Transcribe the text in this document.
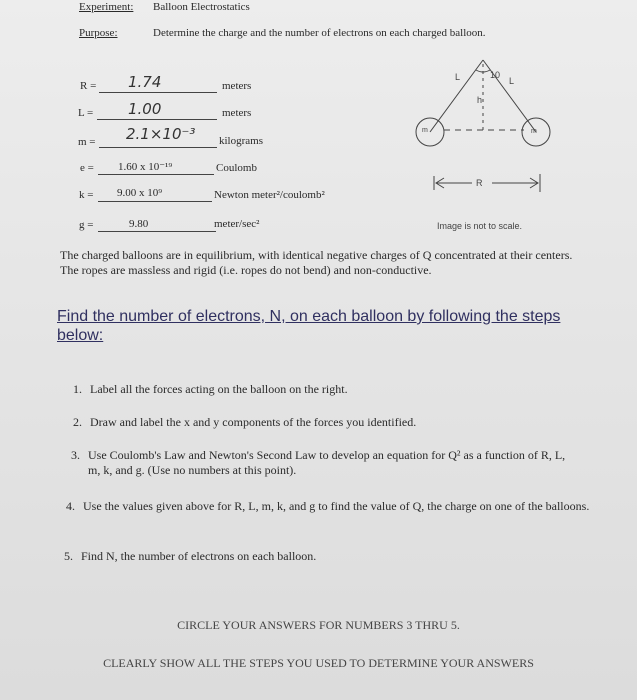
Experiment: Balloon Electrostatics
Purpose:	Determine the charge and the number of electrons on each charged balloon.
R = 1.74	meters
L = 1.00	meters
m = 2.1×10⁻³ kilograms
e = 1.60 x 10⁻¹⁹	Coulomb
k = 9.00 x 10⁹	Newton meter²/coulomb²
g =	9.80	meter/sec²
L	L
10
h
m	m
R
Image is not to scale.
The charged balloons are in equilibrium, with identical negative charges of Q concentrated at their centers. The ropes are massless and rigid (i.e. ropes do not bend) and non-conductive.
Find the number of electrons, N, on each balloon by following the steps below:
1. Label all the forces acting on the balloon on the right.
2. Draw and label the x and y components of the forces you identified.
3. Use Coulomb's Law and Newton's Second Law to develop an equation for Q² as a function of R, L, m, k, and g. (Use no numbers at this point).
4. Use the values given above for R, L, m, k, and g to find the value of Q, the charge on one of the balloons.
5. Find N, the number of electrons on each balloon.
CIRCLE YOUR ANSWERS FOR NUMBERS 3 THRU 5.
CLEARLY SHOW ALL THE STEPS YOU USED TO DETERMINE YOUR ANSWERS
